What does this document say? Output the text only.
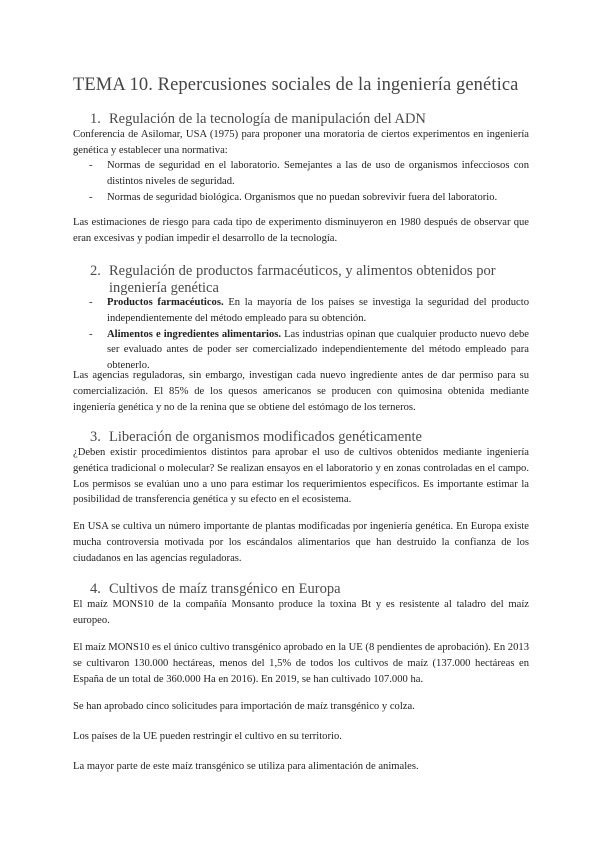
TEMA 10. Repercusiones sociales de la ingeniería genética
1. Regulación de la tecnología de manipulación del ADN

Conferencia de Asilomar, USA (1975) para proponer una moratoria de ciertos experimentos en ingeniería genética y establecer una normativa:

- Normas de seguridad en el laboratorio. Semejantes a las de uso de organismos infecciosos con distintos niveles de seguridad.
- Normas de seguridad biológica. Organismos que no puedan sobrevivir fuera del laboratorio.

Las estimaciones de riesgo para cada tipo de experimento disminuyeron en 1980 después de observar que eran excesivas y podían impedir el desarrollo de la tecnología.

2. Regulación de productos farmacéuticos, y alimentos obtenidos por
ingeniería genética
- Productos farmacéuticos. En la mayoría de los países se investiga la seguridad del producto independientemente del método empleado para su obtención.
- Alimentos e ingredientes alimentarios. Las industrias opinan que cualquier producto nuevo debe ser evaluado antes de poder ser comercializado independientemente del método empleado para obtenerlo.

Las agencias reguladoras, sin embargo, investigan cada nuevo ingrediente antes de dar permiso para su comercialización. El 85% de los quesos americanos se producen con quimosina obtenida mediante ingeniería genética y no de la renina que se obtiene del estómago de los terneros.

3. Liberación de organismos modificados genéticamente

¿Deben existir procedimientos distintos para aprobar el uso de cultivos obtenidos mediante ingeniería genética tradicional o molecular? Se realizan ensayos en el laboratorio y en zonas controladas en el campo. Los permisos se evalúan uno a uno para estimar los requerimientos específicos. Es importante estimar la posibilidad de transferencia genética y su efecto en el ecosistema.

En USA se cultiva un número importante de plantas modificadas por ingeniería genética. En Europa existe mucha controversia motivada por los escándalos alimentarios que han destruido la confianza de los ciudadanos en las agencias reguladoras.

4. Cultivos de maíz transgénico en Europa

El maíz MONS10 de la compañía Monsanto produce la toxina Bt y es resistente al taladro del maíz europeo.

El maíz MONS10 es el único cultivo transgénico aprobado en la UE (8 pendientes de aprobación). En 2013 se cultivaron 130.000 hectáreas, menos del 1,5% de todos los cultivos de maíz (137.000 hectáreas en España de un total de 360.000 Ha en 2016). En 2019, se han cultivado 107.000 ha.

Se han aprobado cinco solicitudes para importación de maíz transgénico y colza.

Los países de la UE pueden restringir el cultivo en su territorio.

La mayor parte de este maíz transgénico se utiliza para alimentación de animales.
